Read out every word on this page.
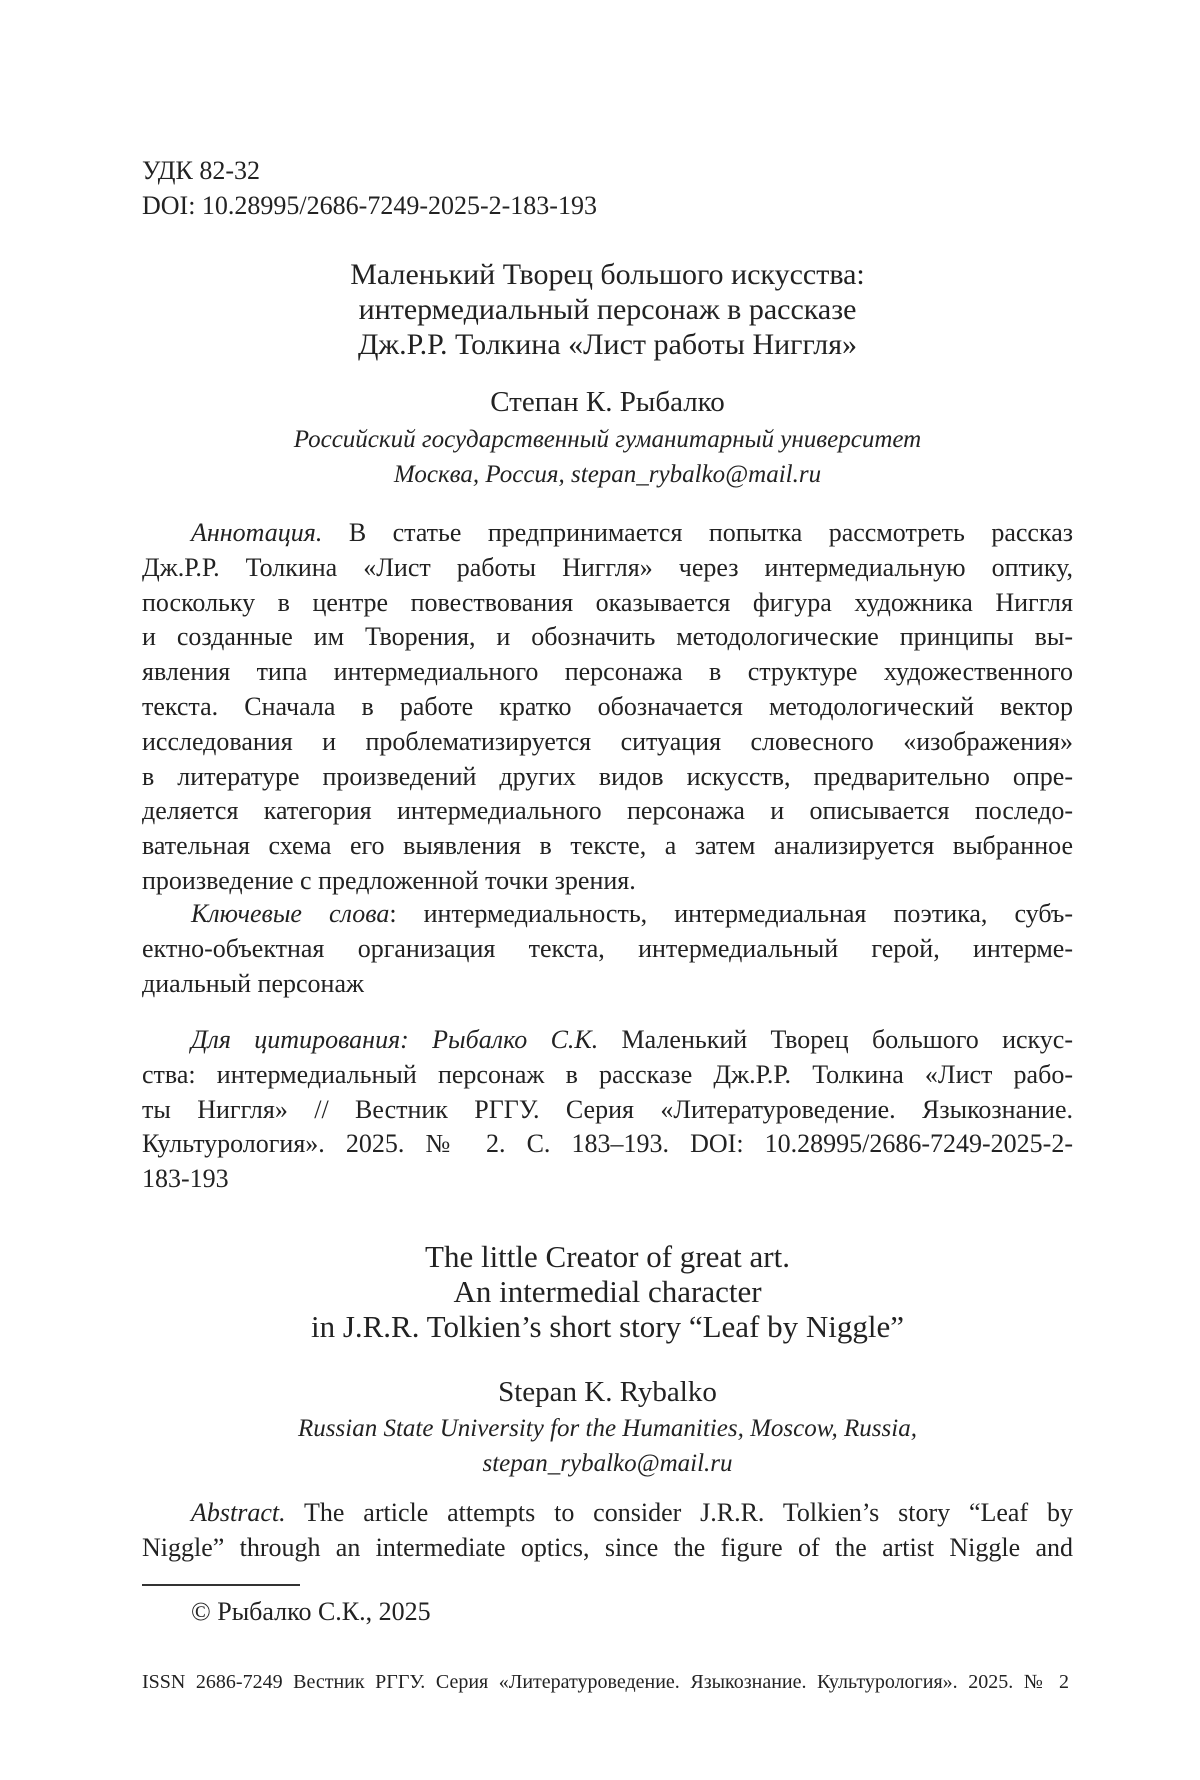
УДК 82-32
DOI: 10.28995/2686-7249-2025-2-183-193
Маленький Творец большого искусства:
интермедиальный персонаж в рассказе
Дж.Р.Р. Толкина «Лист работы Ниггля»
Степан К. Рыбалко
Российский государственный гуманитарный университет
Москва, Россия, stepan_rybalko@mail.ru
Аннотация. В статье предпринимается попытка рассмотреть рассказ
Дж.Р.Р. Толкина «Лист работы Ниггля» через интермедиальную оптику,
поскольку в центре повествования оказывается фигура художника Ниггля
и созданные им Творения, и обозначить методологические принципы вы-
явления типа интермедиального персонажа в структуре художественного
текста. Сначала в работе кратко обозначается методологический вектор
исследования и проблематизируется ситуация словесного «изображения»
в литературе произведений других видов искусств, предварительно опре-
деляется категория интермедиального персонажа и описывается последо-
вательная схема его выявления в тексте, а затем анализируется выбранное
произведение с предложенной точки зрения.
Ключевые слова: интермедиальность, интермедиальная поэтика, субъ-
ектно-объектная организация текста, интермедиальный герой, интерме-
диальный персонаж
Для цитирования: Рыбалко С.К. Маленький Творец большого искус-
ства: интермедиальный персонаж в рассказе Дж.Р.Р. Толкина «Лист рабо-
ты Ниггля» // Вестник РГГУ. Серия «Литературоведение. Языкознание.
Культурология». 2025. № 2. С. 183–193. DOI: 10.28995/2686-7249-2025-2-
183-193
The little Creator of great art.
An intermedial character
in J.R.R. Tolkien’s short story “Leaf by Niggle”
Stepan K. Rybalko
Russian State University for the Humanities, Moscow, Russia,
stepan_rybalko@mail.ru
Abstract. The article attempts to consider J.R.R. Tolkien’s story “Leaf by
Niggle” through an intermediate optics, since the figure of the artist Niggle and
© Рыбалко С.К., 2025
ISSN 2686-7249 Вестник РГГУ. Серия «Литературоведение. Языкознание. Культурология». 2025. № 2
